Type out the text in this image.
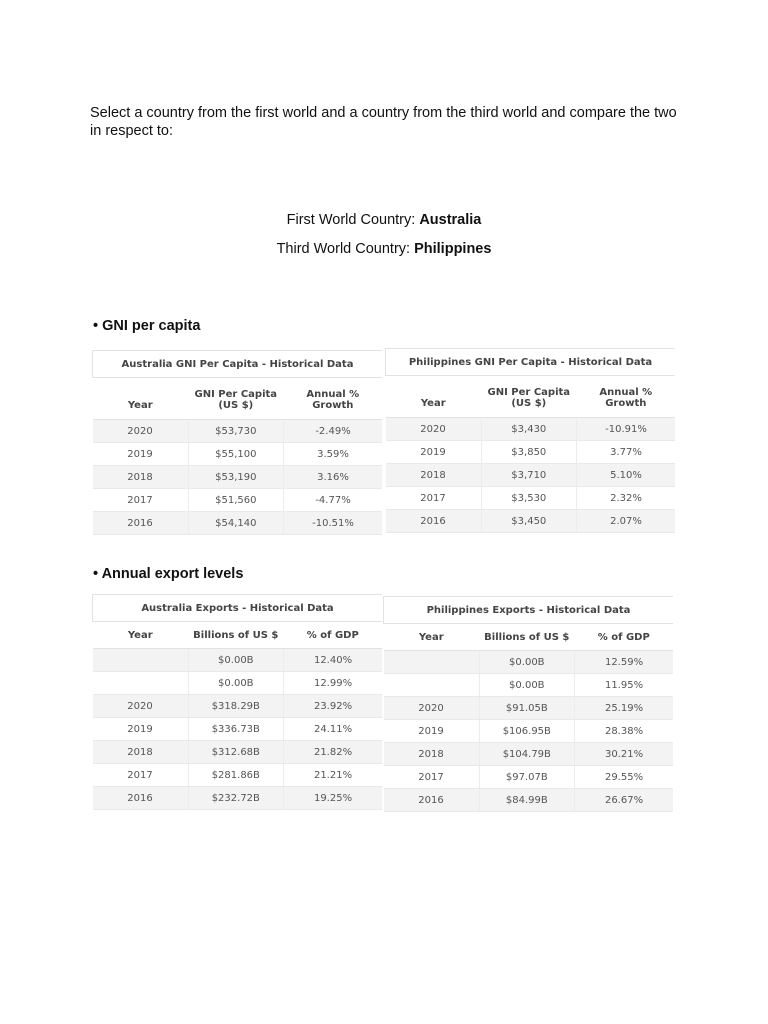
Select a country from the first world and a country from the third world and compare the two in respect to:
First World Country: Australia
Third World Country: Philippines
• GNI per capita
Australia GNI Per Capita - Historical Data		
Year	GNI Per Capita (US $)	Annual % Growth
2020	$53,730	-2.49%
2019	$55,100	3.59%
2018	$53,190	3.16%
2017	$51,560	-4.77%
2016	$54,140	-10.51%
Philippines GNI Per Capita - Historical Data		
Year	GNI Per Capita (US $)	Annual % Growth
2020	$3,430	-10.91%
2019	$3,850	3.77%
2018	$3,710	5.10%
2017	$3,530	2.32%
2016	$3,450	2.07%
• Annual export levels
Australia Exports - Historical Data		
Year	Billions of US $	% of GDP
	$0.00B	12.40%
	$0.00B	12.99%
2020	$318.29B	23.92%
2019	$336.73B	24.11%
2018	$312.68B	21.82%
2017	$281.86B	21.21%
2016	$232.72B	19.25%
Philippines Exports - Historical Data		
Year	Billions of US $	% of GDP
	$0.00B	12.59%
	$0.00B	11.95%
2020	$91.05B	25.19%
2019	$106.95B	28.38%
2018	$104.79B	30.21%
2017	$97.07B	29.55%
2016	$84.99B	26.67%
